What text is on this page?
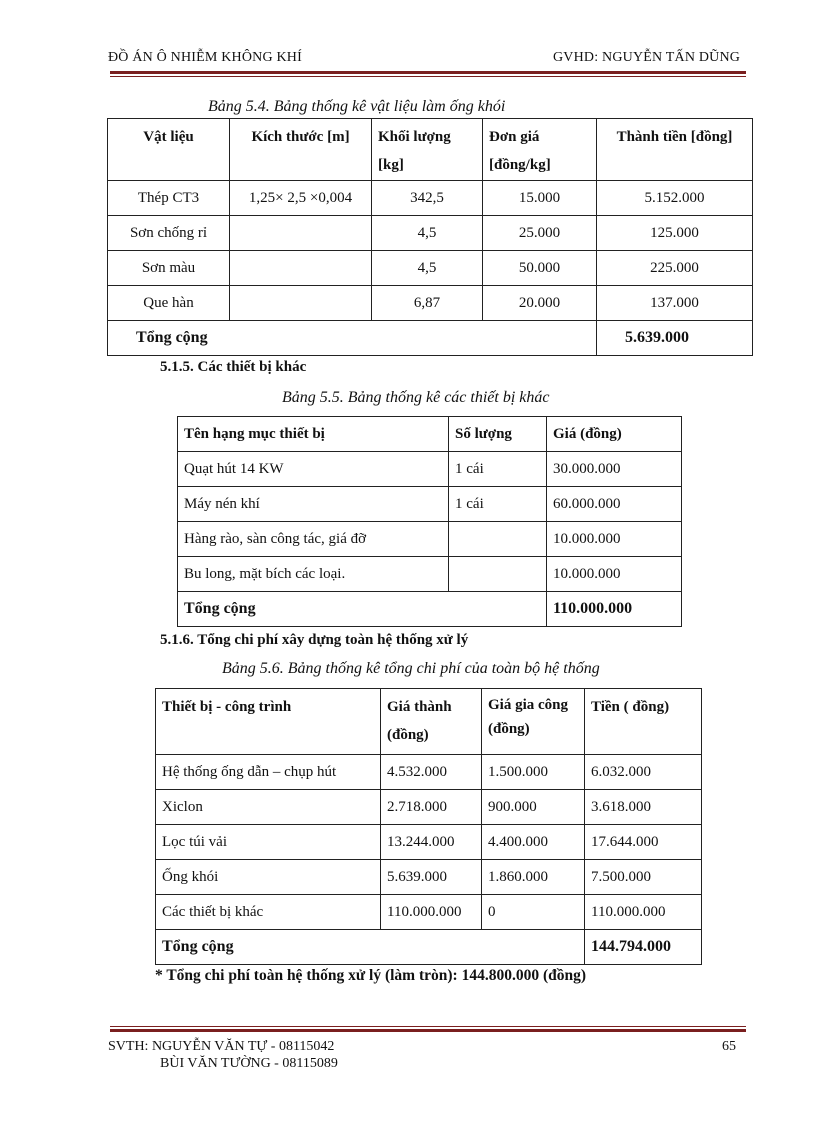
ĐỒ ÁN Ô NHIỄM KHÔNG KHÍ	GVHD: NGUYỄN TẤN DŨNG
Bảng 5.4. Bảng thống kê vật liệu làm ống khói
Vật liệu	Kích thước [m]	Khối lượng [kg]	Đơn giá [đồng/kg]	Thành tiền [đồng]
Thép CT3	1,25× 2,5 ×0,004	342,5	15.000	5.152.000
Sơn chống rỉ		4,5	25.000	125.000
Sơn màu		4,5	50.000	225.000
Que hàn		6,87	20.000	137.000
Tổng cộng				5.639.000
5.1.5. Các thiết bị khác
Bảng 5.5. Bảng thống kê các thiết bị khác
Tên hạng mục thiết bị	Số lượng	Giá (đồng)
Quạt hút 14 KW	1 cái	30.000.000
Máy nén khí	1 cái	60.000.000
Hàng rào, sàn công tác, giá đỡ		10.000.000
Bu long, mặt bích các loại.		10.000.000
Tổng cộng		110.000.000
5.1.6. Tổng chi phí xây dựng toàn hệ thống xử lý
Bảng 5.6. Bảng thống kê tổng chi phí của toàn bộ hệ thống
Thiết bị - công trình	Giá thành (đồng)	Giá gia công (đồng)	Tiền ( đồng)
Hệ thống ống dẫn – chụp hút	4.532.000	1.500.000	6.032.000
Xiclon	2.718.000	900.000	3.618.000
Lọc túi vải	13.244.000	4.400.000	17.644.000
Ống khói	5.639.000	1.860.000	7.500.000
Các thiết bị khác	110.000.000	0	110.000.000
Tổng cộng			144.794.000
* Tổng chi phí toàn hệ thống xử lý (làm tròn): 144.800.000 (đồng)
SVTH: NGUYỄN VĂN TỰ - 08115042
BÙI VĂN TƯỜNG - 08115089
65
